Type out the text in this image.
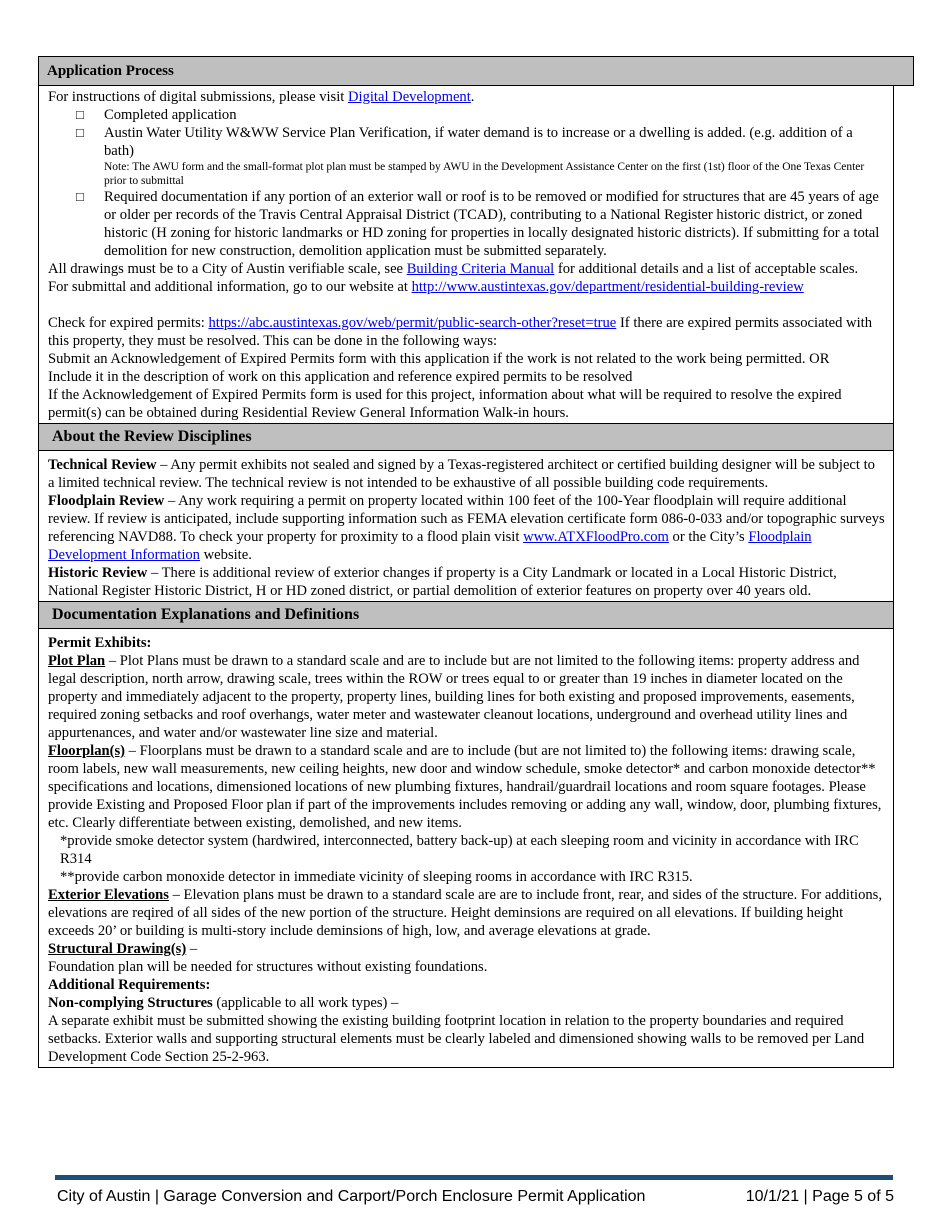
Application Process

For instructions of digital submissions, please visit Digital Development.

□ Completed application
□ Austin Water Utility W&WW Service Plan Verification, if water demand is to increase or a dwelling is added. (e.g. addition of a bath)
Note: The AWU form and the small-format plot plan must be stamped by AWU in the Development Assistance Center on the first (1st) floor of the One Texas Center prior to submittal
□ Required documentation if any portion of an exterior wall or roof is to be removed or modified for structures that are 45 years of age or older per records of the Travis Central Appraisal District (TCAD), contributing to a National Register historic district, or zoned historic (H zoning for historic landmarks or HD zoning for properties in locally designated historic districts). If submitting for a total demolition for new construction, demolition application must be submitted separately.

All drawings must be to a City of Austin verifiable scale, see Building Criteria Manual for additional details and a list of acceptable scales.

For submittal and additional information, go to our website at http://www.austintexas.gov/department/residential-building-review

Check for expired permits: https://abc.austintexas.gov/web/permit/public-search-other?reset=true If there are expired permits associated with this property, they must be resolved. This can be done in the following ways:

Submit an Acknowledgement of Expired Permits form with this application if the work is not related to the work being permitted. OR

Include it in the description of work on this application and reference expired permits to be resolved

If the Acknowledgement of Expired Permits form is used for this project, information about what will be required to resolve the expired permit(s) can be obtained during Residential Review General Information Walk-in hours.

About the Review Disciplines

Technical Review – Any permit exhibits not sealed and signed by a Texas-registered architect or certified building designer will be subject to a limited technical review. The technical review is not intended to be exhaustive of all possible building code requirements.

Floodplain Review – Any work requiring a permit on property located within 100 feet of the 100-Year floodplain will require additional review. If review is anticipated, include supporting information such as FEMA elevation certificate form 086-0-033 and/or topographic surveys referencing NAVD88. To check your property for proximity to a flood plain visit www.ATXFloodPro.com or the City’s Floodplain Development Information website.

Historic Review – There is additional review of exterior changes if property is a City Landmark or located in a Local Historic District, National Register Historic District, H or HD zoned district, or partial demolition of exterior features on property over 40 years old.

Documentation Explanations and Definitions

Permit Exhibits:

Plot Plan – Plot Plans must be drawn to a standard scale and are to include but are not limited to the following items: property address and legal description, north arrow, drawing scale, trees within the ROW or trees equal to or greater than 19 inches in diameter located on the property and immediately adjacent to the property, property lines, building lines for both existing and proposed improvements, easements, required zoning setbacks and roof overhangs, water meter and wastewater cleanout locations, underground and overhead utility lines and appurtenances, and water and/or wastewater line size and material.

Floorplan(s) – Floorplans must be drawn to a standard scale and are to include (but are not limited to) the following items: drawing scale, room labels, new wall measurements, new ceiling heights, new door and window schedule, smoke detector* and carbon monoxide detector** specifications and locations, dimensioned locations of new plumbing fixtures, handrail/guardrail locations and room square footages. Please provide Existing and Proposed Floor plan if part of the improvements includes removing or adding any wall, window, door, plumbing fixtures, etc. Clearly differentiate between existing, demolished, and new items.

*provide smoke detector system (hardwired, interconnected, battery back-up) at each sleeping room and vicinity in accordance with IRC R314

**provide carbon monoxide detector in immediate vicinity of sleeping rooms in accordance with IRC R315.

Exterior Elevations – Elevation plans must be drawn to a standard scale are are to include front, rear, and sides of the structure. For additions, elevations are reqired of all sides of the new portion of the structure. Height deminsions are required on all elevations. If building height exceeds 20’ or building is multi-story include deminsions of high, low, and average elevations at grade.

Structural Drawing(s) –

Foundation plan will be needed for structures without existing foundations.

Additional Requirements:

Non-complying Structures (applicable to all work types) –

A separate exhibit must be submitted showing the existing building footprint location in relation to the property boundaries and required setbacks. Exterior walls and supporting structural elements must be clearly labeled and dimensioned showing walls to be removed per Land Development Code Section 25-2-963.

City of Austin | Garage Conversion and Carport/Porch Enclosure Permit Application	10/1/21 | Page 5 of 5
